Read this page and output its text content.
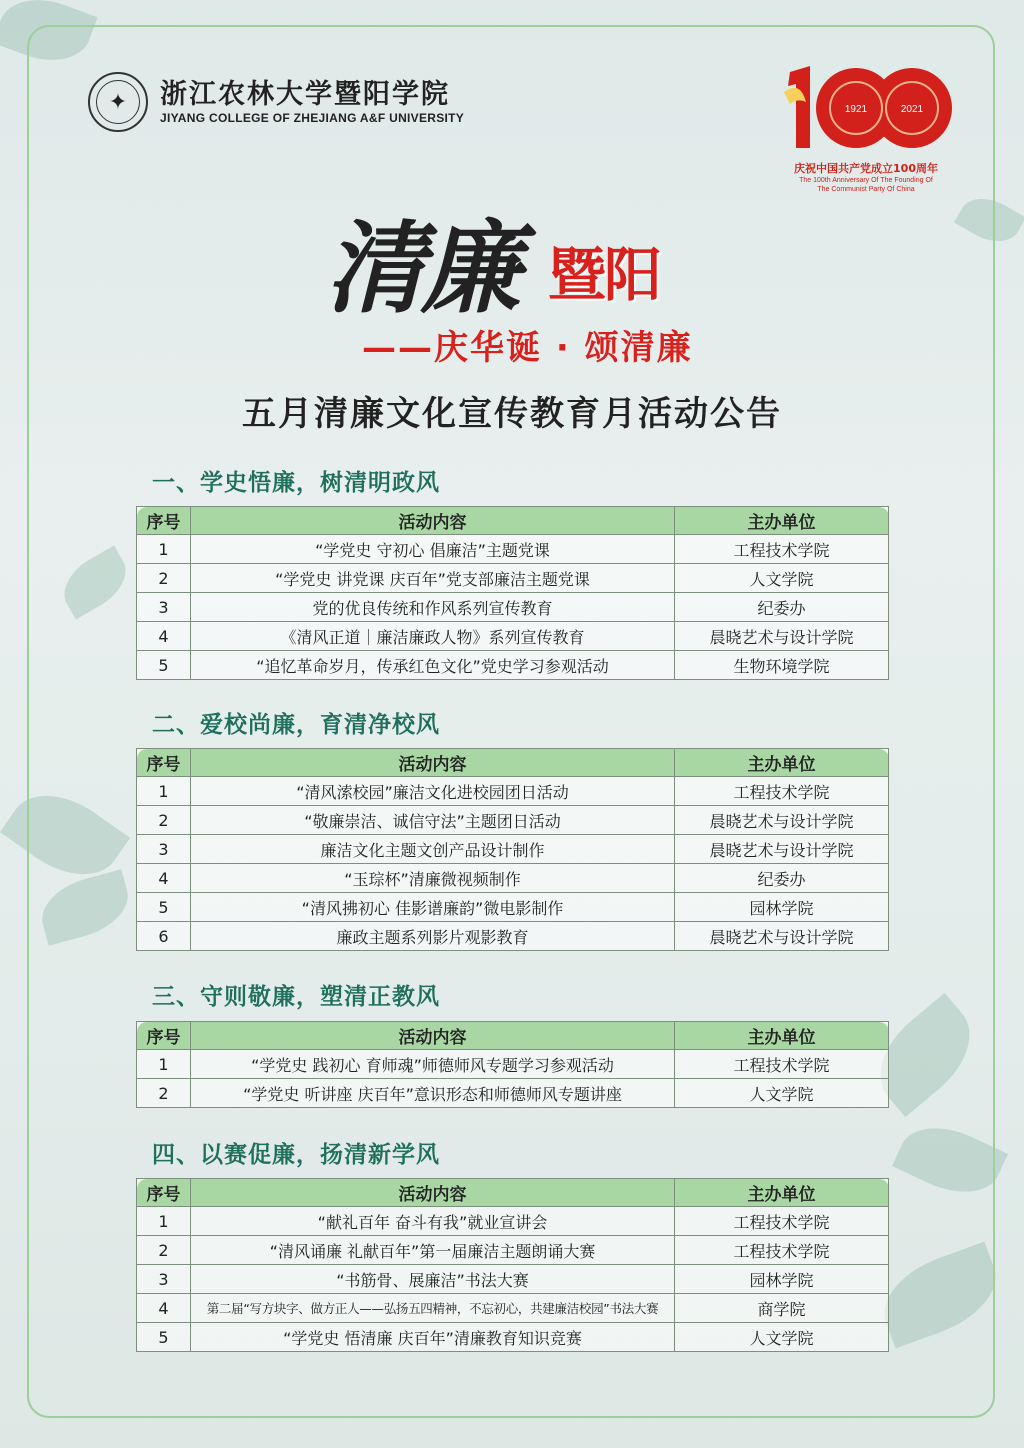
✦ 浙江农林大学暨阳学院
JIYANG COLLEGE OF ZHEJIANG A&F UNIVERSITY
1921	2021
庆祝中国共产党成立100周年
The 100th Anniversary Of The Founding Of
The Communist Party Of China
清廉 暨阳
——庆华诞 · 颂清廉
五月清廉文化宣传教育月活动公告
一、学史悟廉，树清明政风
序号	活动内容	主办单位
1	“学党史 守初心 倡廉洁”主题党课	工程技术学院
2	“学党史 讲党课 庆百年”党支部廉洁主题党课	人文学院
3	党的优良传统和作风系列宣传教育	纪委办
4	《清风正道｜廉洁廉政人物》系列宣传教育	晨晓艺术与设计学院
5	“追忆革命岁月，传承红色文化”党史学习参观活动	生物环境学院
二、爱校尚廉，育清净校风
序号	活动内容	主办单位
1	“清风溹校园”廉洁文化进校园团日活动	工程技术学院
2	“敬廉崇洁、诚信守法”主题团日活动	晨晓艺术与设计学院
3	廉洁文化主题文创产品设计制作	晨晓艺术与设计学院
4	“玉琮杯”清廉微视频制作	纪委办
5	“清风拂初心 佳影谱廉韵”微电影制作	园林学院
6	廉政主题系列影片观影教育	晨晓艺术与设计学院
三、守则敬廉，塑清正教风
序号	活动内容	主办单位
1	“学党史 践初心 育师魂”师德师风专题学习参观活动	工程技术学院
2	“学党史 听讲座 庆百年”意识形态和师德师风专题讲座	人文学院
四、以赛促廉，扬清新学风
序号	活动内容	主办单位
1	“献礼百年 奋斗有我”就业宣讲会	工程技术学院
2	“清风诵廉 礼献百年”第一届廉洁主题朗诵大赛	工程技术学院
3	“书筋骨、展廉洁”书法大赛	园林学院
4	第二届“写方块字、做方正人——弘扬五四精神，不忘初心，共建廉洁校园”书法大赛	商学院
5	“学党史 悟清廉 庆百年”清廉教育知识竞赛	人文学院
